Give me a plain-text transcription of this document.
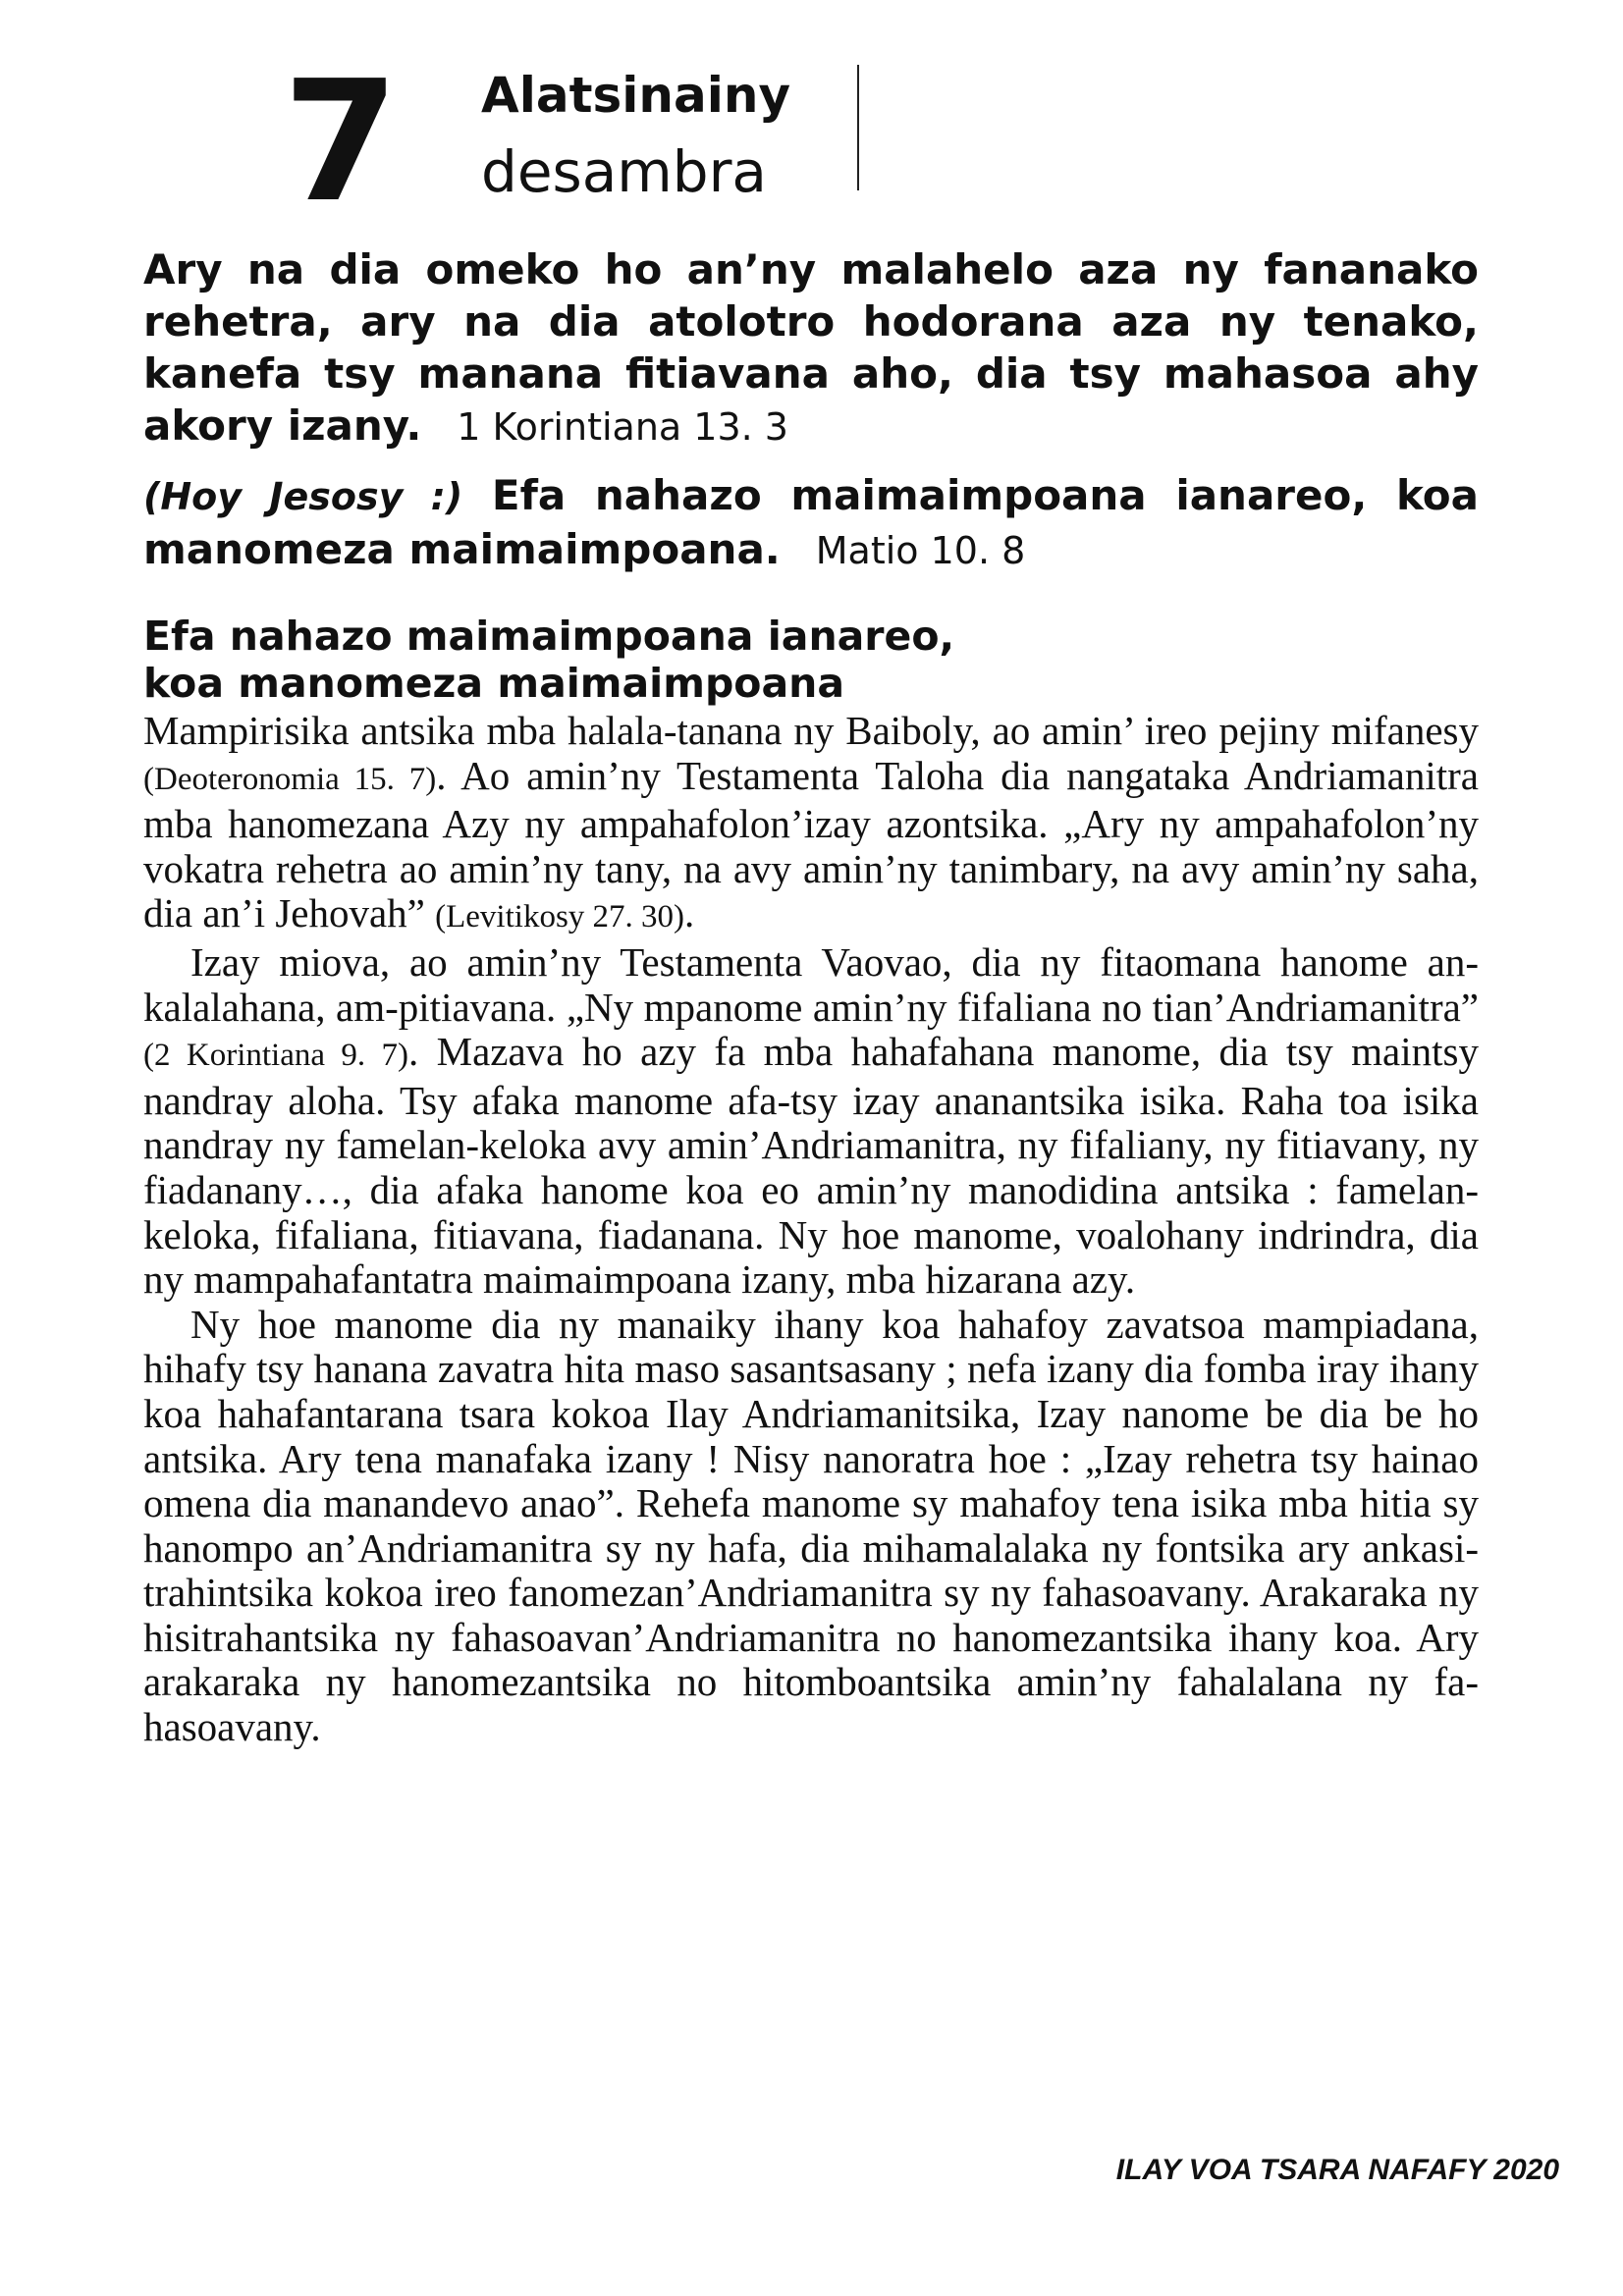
7 Alatsinainy
desambra
Ary na dia omeko ho an’ny malahelo aza ny fananako rehetra, ary na dia atolotro hodorana aza ny tenako, kanefa tsy manana fitiavana aho, dia tsy mahasoa ahy akory izany. 1 Korintiana 13. 3
(Hoy Jesosy :) Efa nahazo maimaimpoana ianareo, koa manomeza maimaimpoana. Matio 10. 8
Efa nahazo maimaimpoana ianareo,
koa manomeza maimaimpoana

Mampirisika antsika mba halala-tanana ny Baiboly, ao amin’ ireo pejiny mifanesy (Deoteronomia 15. 7). Ao amin’ny Testamenta Taloha dia nangataka Andriamanitra mba hanomezana Azy ny ampahafolon’izay azontsika. „Ary ny ampahafolon’ny vokatra rehetra ao amin’ny tany, na avy amin’ny tanimbary, na avy amin’ny saha, dia an’i Jehovah” (Levitikosy 27. 30).

Izay miova, ao amin’ny Testamenta Vaovao, dia ny fitaomana hanome an-kalalahana, am-pitiavana. „Ny mpanome amin’ny fifaliana no tian’Andriamanitra” (2 Korintiana 9. 7). Mazava ho azy fa mba hahafahana manome, dia tsy maintsy nandray aloha. Tsy afaka manome afa-tsy izay ananantsika isika. Raha toa isika nandray ny famelan-keloka avy amin’Andriamanitra, ny fifaliany, ny fitiavany, ny fiadanany…, dia afaka hanome koa eo amin’ny manodidina antsika : famelan-keloka, fifaliana, fitiavana, fiadanana. Ny hoe manome, voalohany indrindra, dia ny mampahafantatra maimaimpoana izany, mba hizarana azy.

Ny hoe manome dia ny manaiky ihany koa hahafoy zavatsoa mampiadana, hihafy tsy hanana zavatra hita maso sasantsasany ; nefa izany dia fomba iray ihany koa hahafantarana tsara kokoa Ilay Andriamanitsika, Izay nanome be dia be ho antsika. Ary tena manafaka izany ! Nisy nanoratra hoe : „Izay rehetra tsy hainao omena dia manandevo anao”. Rehefa manome sy mahafoy tena isika mba hitia sy hanompo an’Andriamanitra sy ny hafa, dia mihamalalaka ny fontsika ary ankasitrahintsika kokoa ireo fanomezan’Andriamanitra sy ny fahasoavany. Arakaraka ny hisitrahantsika ny fahasoavan’Andriamanitra no hanomezantsika ihany koa. Ary arakaraka ny hanomezantsika no hitomboantsika amin’ny fahalalana ny fahasoavany.

ILAY VOA TSARA NAFAFY 2020
